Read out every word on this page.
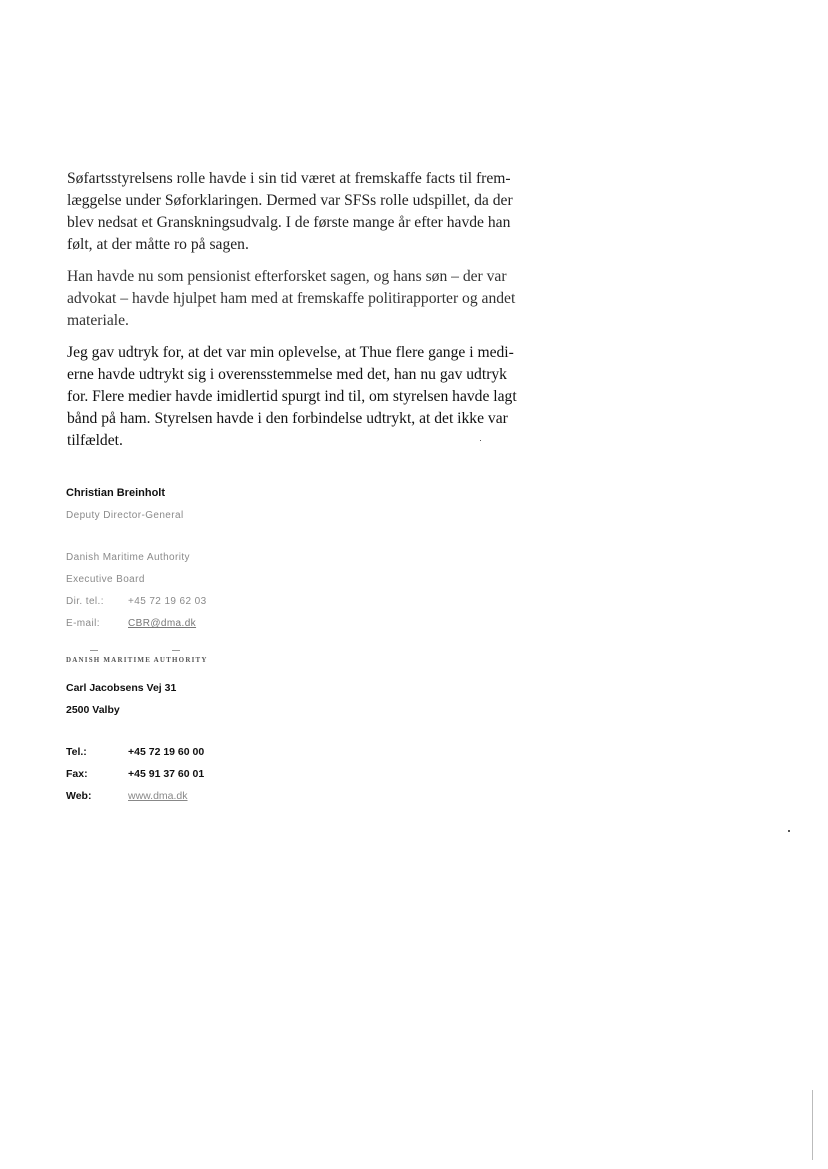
Søfartsstyrelsens rolle havde i sin tid været at fremskaffe facts til frem-
læggelse under Søforklaringen. Dermed var SFSs rolle udspillet, da der
blev nedsat et Granskningsudvalg. I de første mange år efter havde han
følt, at der måtte ro på sagen.

Han havde nu som pensionist efterforsket sagen, og hans søn – der var
advokat – havde hjulpet ham med at fremskaffe politirapporter og andet
materiale.

Jeg gav udtryk for, at det var min oplevelse, at Thue flere gange i medi-
erne havde udtrykt sig i overensstemmelse med det, han nu gav udtryk
for. Flere medier havde imidlertid spurgt ind til, om styrelsen havde lagt
bånd på ham. Styrelsen havde i den forbindelse udtrykt, at det ikke var
tilfældet.

Christian Breinholt
Deputy Director-General
Danish Maritime Authority
Executive Board
Dir. tel.:	+45 72 19 62 03
E-mail:	CBR@dma.dk
DANISH MARITIME AUTHORITY
Carl Jacobsens Vej 31
2500 Valby
Tel.:	+45 72 19 60 00
Fax:	+45 91 37 60 01
Web:	www.dma.dk
